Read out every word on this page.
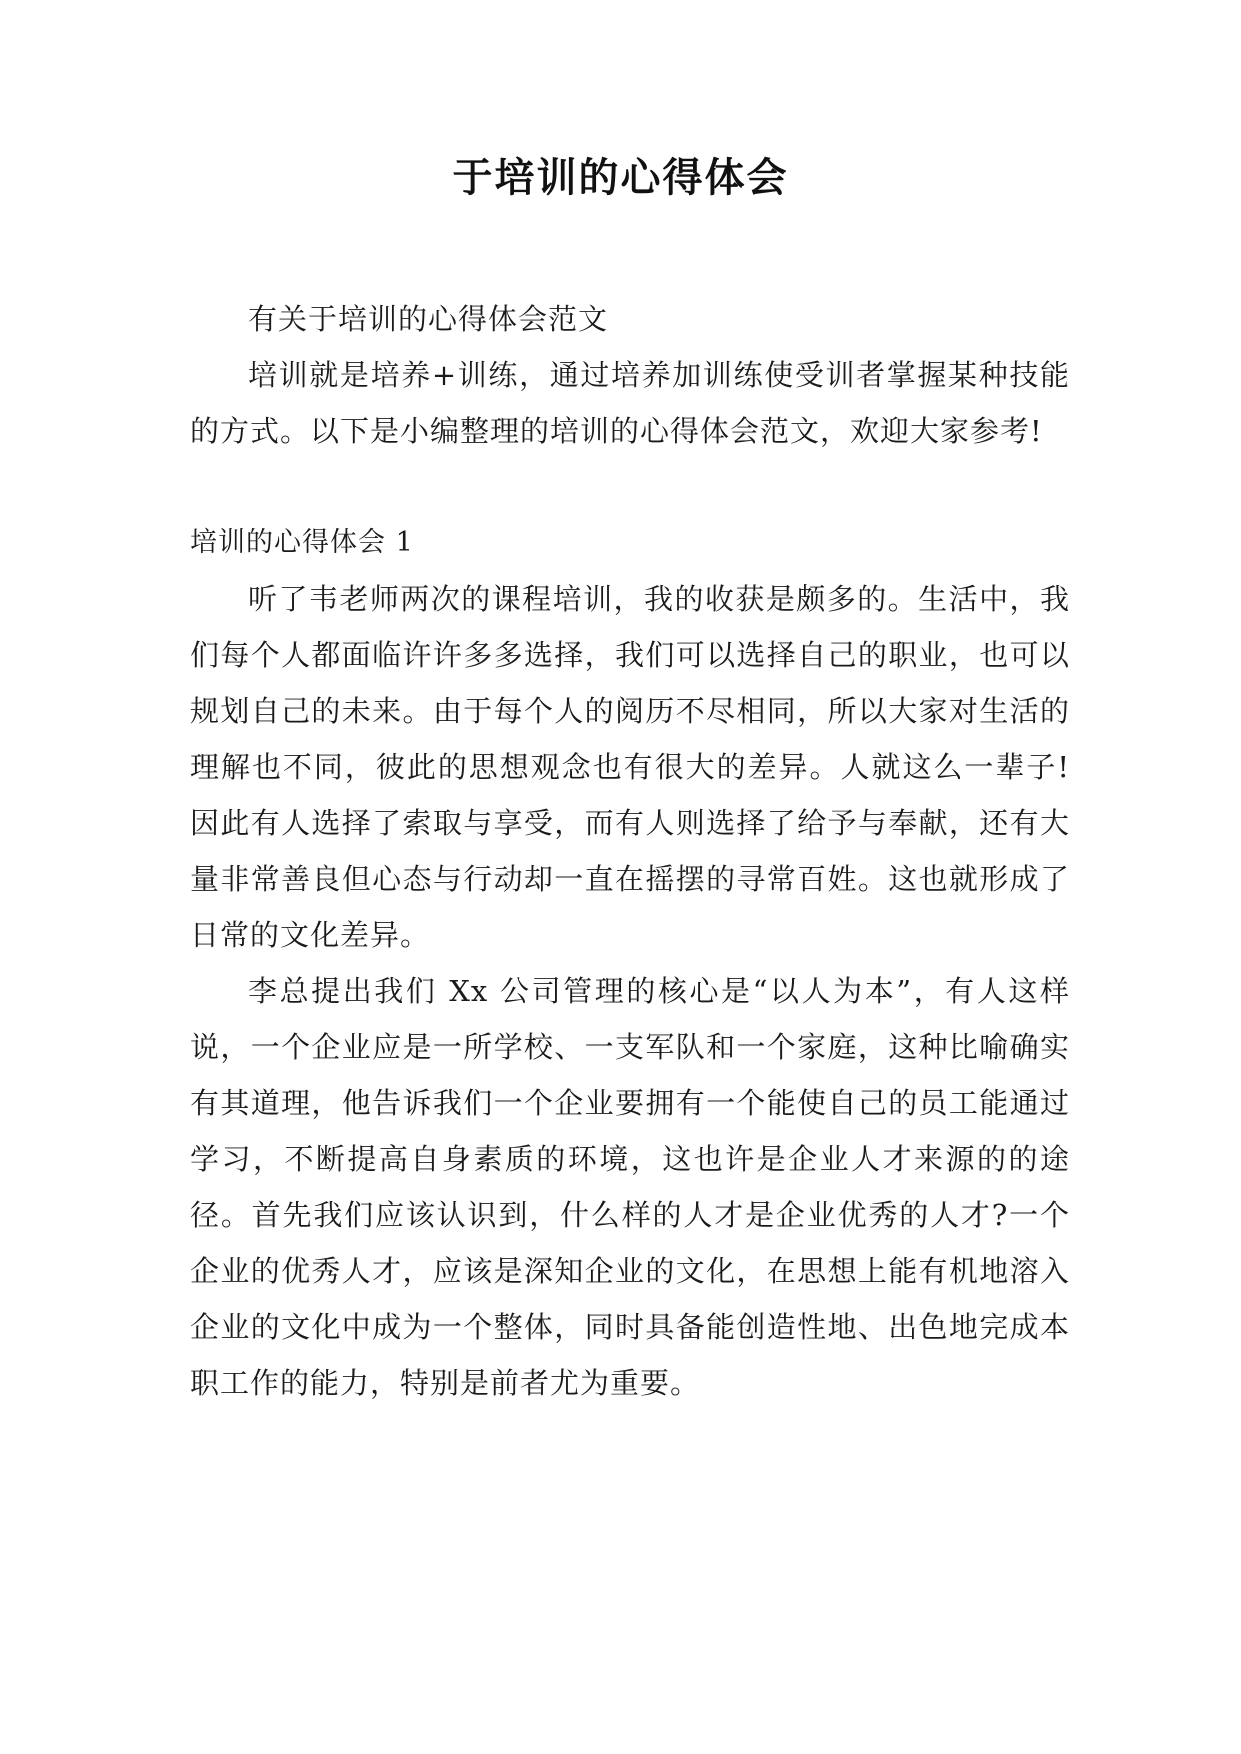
于培训的心得体会

有关于培训的心得体会范文

培训就是培养+训练，通过培养加训练使受训者掌握某种技能的方式。以下是小编整理的培训的心得体会范文，欢迎大家参考!

培训的心得体会 1

听了韦老师两次的课程培训，我的收获是颇多的。生活中，我们每个人都面临许许多多选择，我们可以选择自己的职业，也可以规划自己的未来。由于每个人的阅历不尽相同，所以大家对生活的理解也不同，彼此的思想观念也有很大的差异。人就这么一辈子!因此有人选择了索取与享受，而有人则选择了给予与奉献，还有大量非常善良但心态与行动却一直在摇摆的寻常百姓。这也就形成了日常的文化差异。

李总提出我们 Xx 公司管理的核心是“以人为本”，有人这样说，一个企业应是一所学校、一支军队和一个家庭，这种比喻确实有其道理，他告诉我们一个企业要拥有一个能使自己的员工能通过学习，不断提高自身素质的环境，这也许是企业人才来源的的途径。首先我们应该认识到，什么样的人才是企业优秀的人才?一个企业的优秀人才，应该是深知企业的文化，在思想上能有机地溶入企业的文化中成为一个整体，同时具备能创造性地、出色地完成本职工作的能力，特别是前者尤为重要。
